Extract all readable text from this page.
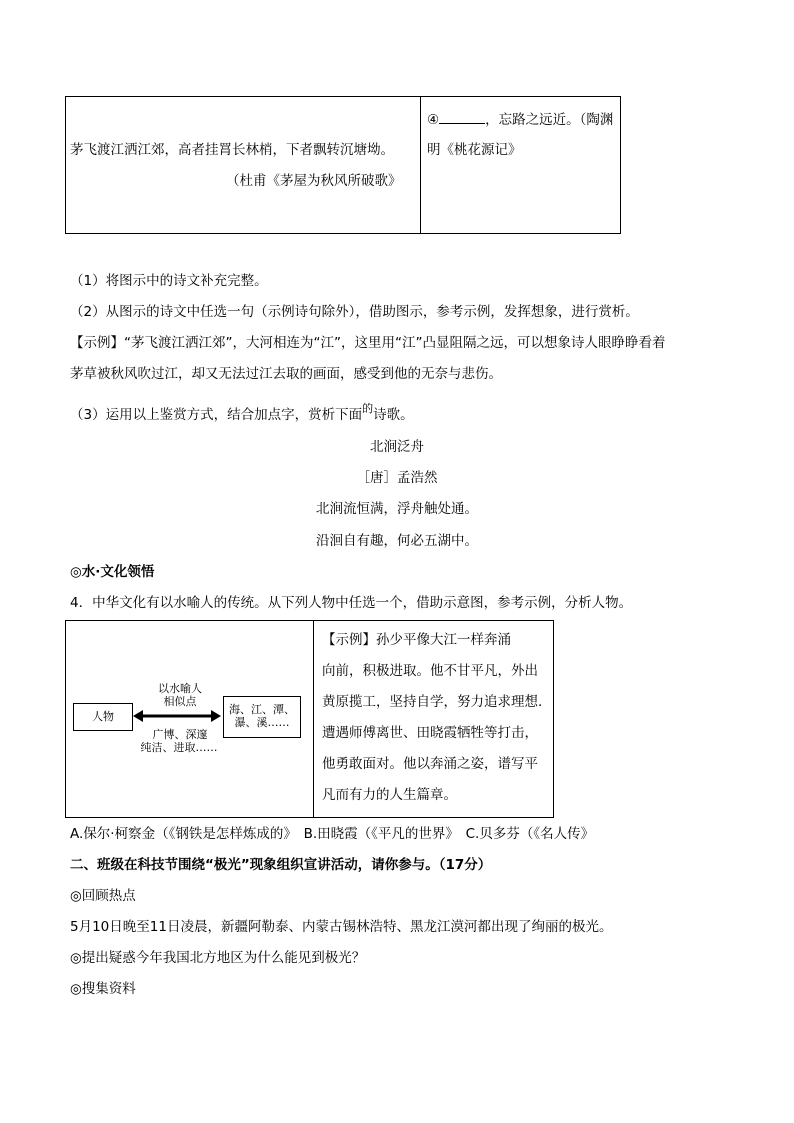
茅飞渡江洒江郊，高者挂罥长林梢，下者飘转沉塘坳。
（杜甫《茅屋为秋风所破歌》
④	，忘路之远近。（陶渊
明《桃花源记》
（1）将图示中的诗文补充完整。
（2）从图示的诗文中任选一句（示例诗句除外），借助图示，参考示例，发挥想象，进行赏析。
【示例】“茅飞渡江洒江郊”，大河相连为“江”，这里用“江”凸显阻隔之远，可以想象诗人眼睁睁看着
茅草被秋风吹过江，却又无法过江去取的画面，感受到他的无奈与悲伤。
（3）运用以上鉴赏方式，结合加点字，赏析下面$^的$诗歌。
北涧泛舟
［唐］孟浩然
北涧流恒满，浮舟触处通。
沿洄自有趣，何必五湖中。
◎水·文化领悟
4．中华文化有以水喻人的传统。从下列人物中任选一个，借助示意图，参考示例，分析人物。
人物
以水喻人
相似点
广博、深邃
纯洁、进取……
海、江、潭、
瀑、溪……
【示例】孙少平像大江一样奔涌
向前，积极进取。他不甘平凡，外出
黄原揽工，坚持自学，努力追求理想.
遭遇师傅离世、田晓霞牺牲等打击，
他勇敢面对。他以奔涌之姿，谱写平
凡而有力的人生篇章。
A.保尔·柯察金（《钢铁是怎样炼成的》　B.田晓霞（《平凡的世界》　C.贝多芬（《名人传》
二、班级在科技节围绕“极光”现象组织宣讲活动，请你参与。（17分）
◎回顾热点
5月10日晚至11日凌晨，新疆阿勒泰、内蒙古锡林浩特、黑龙江漠河都出现了绚丽的极光。
◎提出疑惑今年我国北方地区为什么能见到极光？
◎搜集资料
